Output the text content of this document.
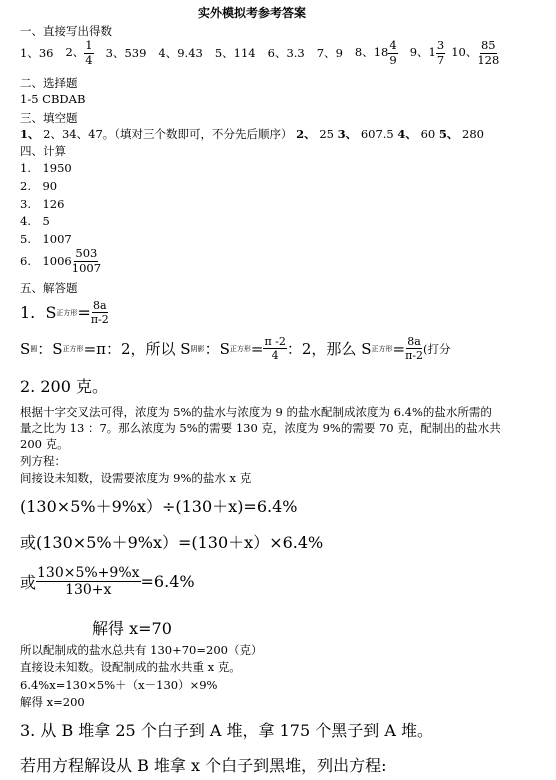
实外模拟考参考答案
一、直接写出得数
1、36 2、 $\frac{1}{4} 3$、539 4、9.43 5、114 6、3.3 7、9 8、$18 \frac{4}{9} 9$、$1 \frac{3}{7} 10$、 $\frac{85}{128}$
二、选择题
1-5 CBDAB
三、填空题
1、 2、34、47。（填对三个数即可，不分先后顺序） 2、 25 3、 607.5 4、 60 5、 280
四、计算
1.　1950
2.　90
3.　126
4.　5
5.　1007
6.　$1006 \frac{503}{1007}$
五、解答题
1.
S 正方形 = $\frac{8a}{\pi-2}$
S 圆 ：S 正方形 =π：2，所以 S 阴影 ：S 正方形 = $\frac{\pi -2}{4}$ ：2，那么 S 正方形 = $\frac{8a}{\pi-2}$ (打分
2. 200 克。
根据十字交叉法可得，浓度为 5%的盐水与浓度为 9 的盐水配制成浓度为 6.4%的盐水所需的
量之比为 13 ：7。那么浓度为 5%的需要 130 克，浓度为 9%的需要 70 克，配制出的盐水共
200 克。
列方程：
间接设未知数，设需要浓度为 9%的盐水 x 克
(130×5%＋9%x）÷(130＋x)=6.4%
或(130×5%＋9%x）=(130＋x）×6.4%
或 $\frac{130\times 5\%+9\%x}{130+x} =6.4\%$
解得 x=70
所以配制成的盐水总共有 130+70=200（克）
直接设未知数。设配制成的盐水共重 x 克。
6.4%x=130×5%＋（x－130）×9%
解得 x=200
3. 从 B 堆拿 25 个白子到 A 堆，拿 175 个黑子到 A 堆。
若用方程解设从 B 堆拿 x 个白子到黑堆，列出方程:
